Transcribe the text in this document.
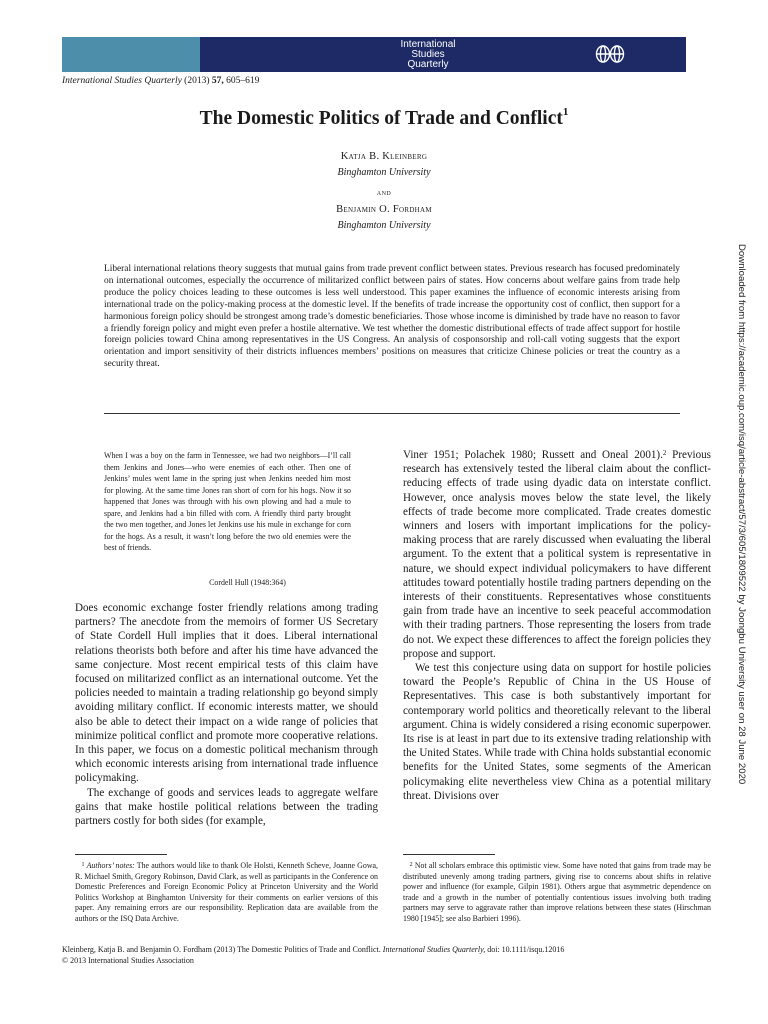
International
Studies
Quarterly
International Studies Quarterly (2013) 57, 605–619
The Domestic Politics of Trade and Conflict$^1$
Katja B. Kleinberg
Binghamton University
and
Benjamin O. Fordham
Binghamton University
Liberal international relations theory suggests that mutual gains from trade prevent conflict between states. Previous research has focused predominately on international outcomes, especially the occurrence of militarized conflict between pairs of states. How concerns about welfare gains from trade help produce the policy choices leading to these outcomes is less well understood. This paper examines the influence of economic interests arising from international trade on the policy-making process at the domestic level. If the benefits of trade increase the opportunity cost of conflict, then support for a harmonious foreign policy should be strongest among trade’s domestic beneficiaries. Those whose income is diminished by trade have no reason to favor a friendly foreign policy and might even prefer a hostile alternative. We test whether the domestic distributional effects of trade affect support for hostile foreign policies toward China among representatives in the US Congress. An analysis of cosponsorship and roll-call voting suggests that the export orientation and import sensitivity of their districts influences members’ positions on measures that criticize Chinese policies or treat the country as a security threat.
When I was a boy on the farm in Tennessee, we had two neighbors—I’ll call them Jenkins and Jones—who were enemies of each other. Then one of Jenkins’ mules went lame in the spring just when Jenkins needed him most for plowing. At the same time Jones ran short of corn for his hogs. Now it so happened that Jones was through with his own plowing and had a mule to spare, and Jenkins had a bin filled with corn. A friendly third party brought the two men together, and Jones let Jenkins use his mule in exchange for corn for the hogs. As a result, it wasn’t long before the two old enemies were the best of friends.
Cordell Hull (1948:364)

Does economic exchange foster friendly relations among trading partners? The anecdote from the memoirs of former US Secretary of State Cordell Hull implies that it does. Liberal international relations theorists both before and after his time have advanced the same conjecture. Most recent empirical tests of this claim have focused on militarized conflict as an international outcome. Yet the policies needed to maintain a trading relationship go beyond simply avoiding military conflict. If economic interests matter, we should also be able to detect their impact on a wide range of policies that minimize political conflict and promote more cooperative relations. In this paper, we focus on a domestic political mechanism through which economic interests arising from international trade influence policymaking.

The exchange of goods and services leads to aggregate welfare gains that make hostile political relations between the trading partners costly for both sides (for example,

Viner 1951; Polachek 1980; Russett and Oneal 2001).$^2$ Previous research has extensively tested the liberal claim about the conflict-reducing effects of trade using dyadic data on interstate conflict. However, once analysis moves below the state level, the likely effects of trade become more complicated. Trade creates domestic winners and losers with important implications for the policy-making process that are rarely discussed when evaluating the liberal argument. To the extent that a political system is representative in nature, we should expect individual policymakers to have different attitudes toward potentially hostile trading partners depending on the interests of their constituents. Representatives whose constituents gain from trade have an incentive to seek peaceful accommodation with their trading partners. Those representing the losers from trade do not. We expect these differences to affect the foreign policies they propose and support.

We test this conjecture using data on support for hostile policies toward the People’s Republic of China in the US House of Representatives. This case is both substantively important for contemporary world politics and theoretically relevant to the liberal argument. China is widely considered a rising economic superpower. Its rise is at least in part due to its extensive trading relationship with the United States. While trade with China holds substantial economic benefits for the United States, some segments of the American policymaking elite nevertheless view China as a potential military threat. Divisions over

$^1$ Authors’ notes: The authors would like to thank Ole Holsti, Kenneth Scheve, Joanne Gowa, R. Michael Smith, Gregory Robinson, David Clark, as well as participants in the Conference on Domestic Preferences and Foreign Economic Policy at Princeton University and the World Politics Workshop at Binghamton University for their comments on earlier versions of this paper. Any remaining errors are our responsibility. Replication data are available from the authors or the ISQ Data Archive.
$^2$ Not all scholars embrace this optimistic view. Some have noted that gains from trade may be distributed unevenly among trading partners, giving rise to concerns about shifts in relative power and influence (for example, Gilpin 1981). Others argue that asymmetric dependence on trade and a growth in the number of potentially contentious issues involving both trading partners may serve to aggravate rather than improve relations between these states (Hirschman 1980 [1945]; see also Barbieri 1996).
Kleinberg, Katja B. and Benjamin O. Fordham (2013) The Domestic Politics of Trade and Conflict. International Studies Quarterly, doi: 10.1111/isqu.12016
© 2013 International Studies Association
Downloaded from https://academic.oup.com/isq/article-abstract/57/3/605/1809522 by Joongbu University user on 28 June 2020
